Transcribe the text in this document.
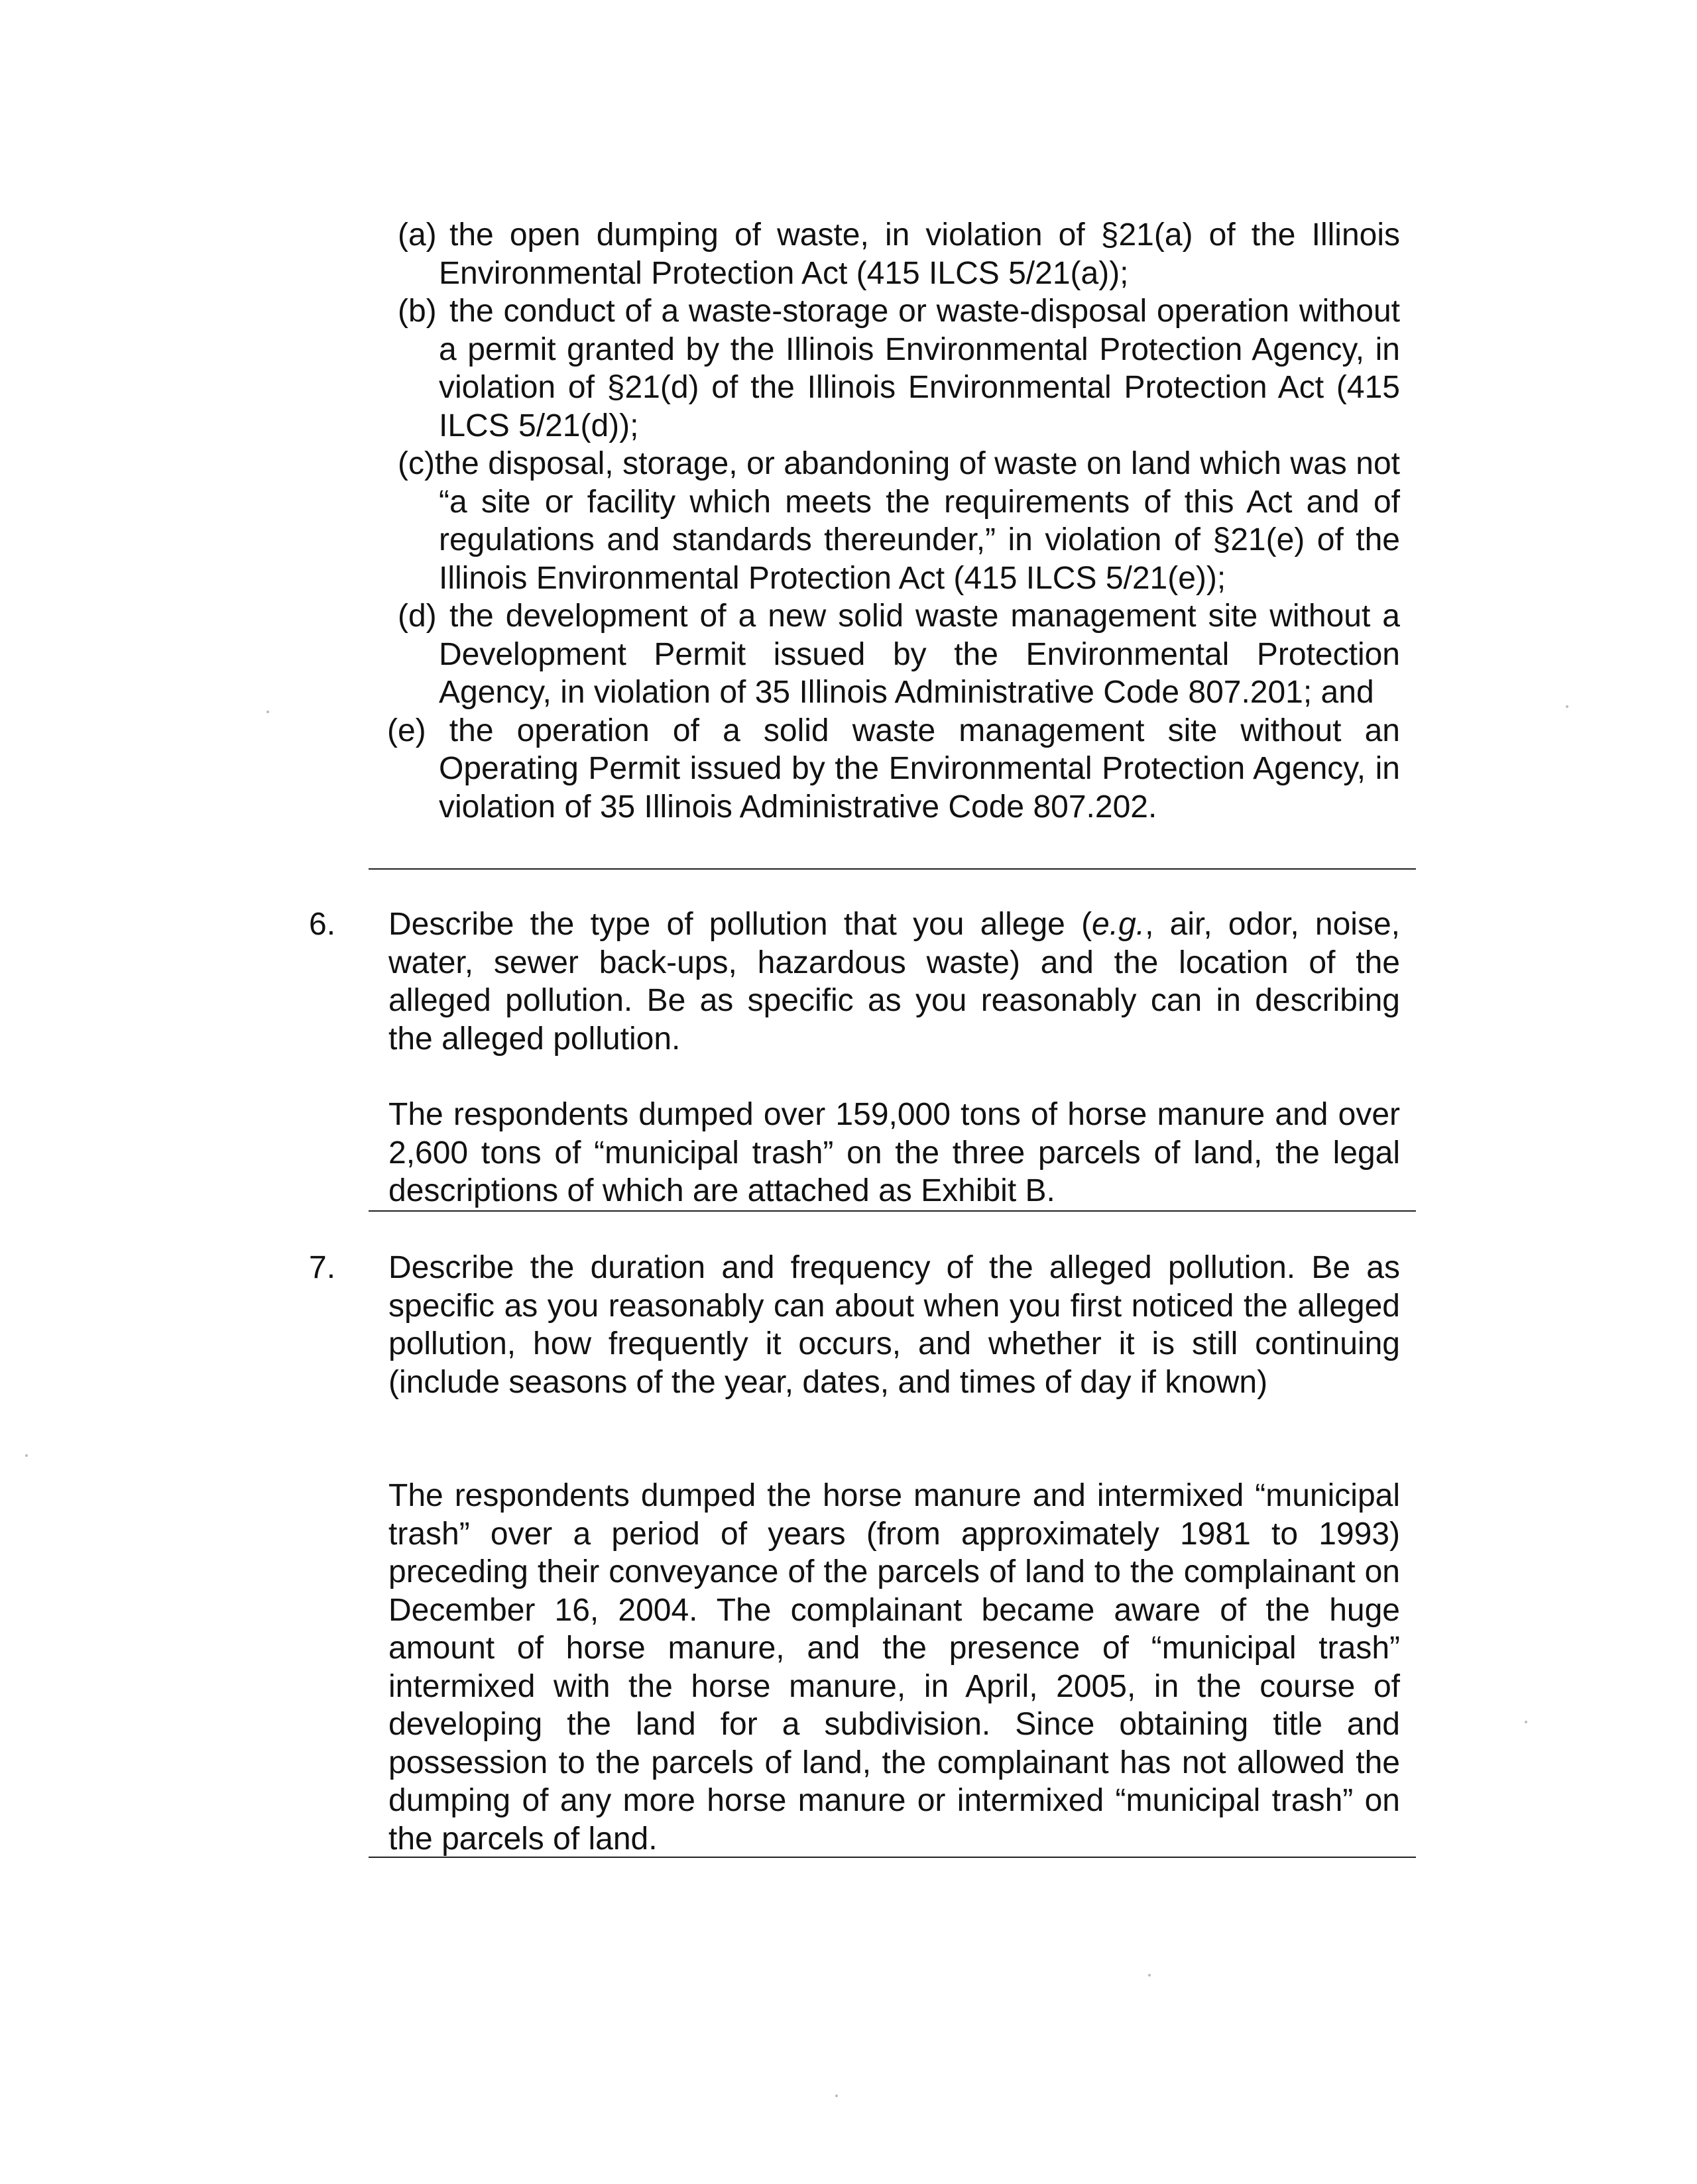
(a) the open dumping of waste, in violation of §21(a) of the Illinois Environmental Protection Act (415 ILCS 5/21(a));

(b) the conduct of a waste-storage or waste-disposal operation without a permit granted by the Illinois Environmental Protection Agency, in violation of §21(d) of the Illinois Environmental Protection Act (415 ILCS 5/21(d));

(c)the disposal, storage, or abandoning of waste on land which was not “a site or facility which meets the requirements of this Act and of regulations and standards thereunder,” in violation of §21(e) of the Illinois Environmental Protection Act (415 ILCS 5/21(e));

(d) the development of a new solid waste management site without a Development Permit issued by the Environmental Protection Agency, in violation of 35 Illinois Administrative Code 807.201; and

(e) the operation of a solid waste management site without an Operating Permit issued by the Environmental Protection Agency, in violation of 35 Illinois Administrative Code 807.202.

6. Describe the type of pollution that you allege (e.g., air, odor, noise, water, sewer back-ups, hazardous waste) and the location of the alleged pollution. Be as specific as you reasonably can in describing the alleged pollution.

The respondents dumped over 159,000 tons of horse manure and over 2,600 tons of “municipal trash” on the three parcels of land, the legal descriptions of which are attached as Exhibit B.

7. Describe the duration and frequency of the alleged pollution. Be as specific as you reasonably can about when you first noticed the alleged pollution, how frequently it occurs, and whether it is still continuing (include seasons of the year, dates, and times of day if known)

The respondents dumped the horse manure and intermixed “municipal trash” over a period of years (from approximately 1981 to 1993) preceding their conveyance of the parcels of land to the complainant on December 16, 2004. The complainant became aware of the huge amount of horse manure, and the presence of “municipal trash” intermixed with the horse manure, in April, 2005, in the course of developing the land for a subdivision. Since obtaining title and possession to the parcels of land, the complainant has not allowed the dumping of any more horse manure or intermixed “municipal trash” on the parcels of land.
